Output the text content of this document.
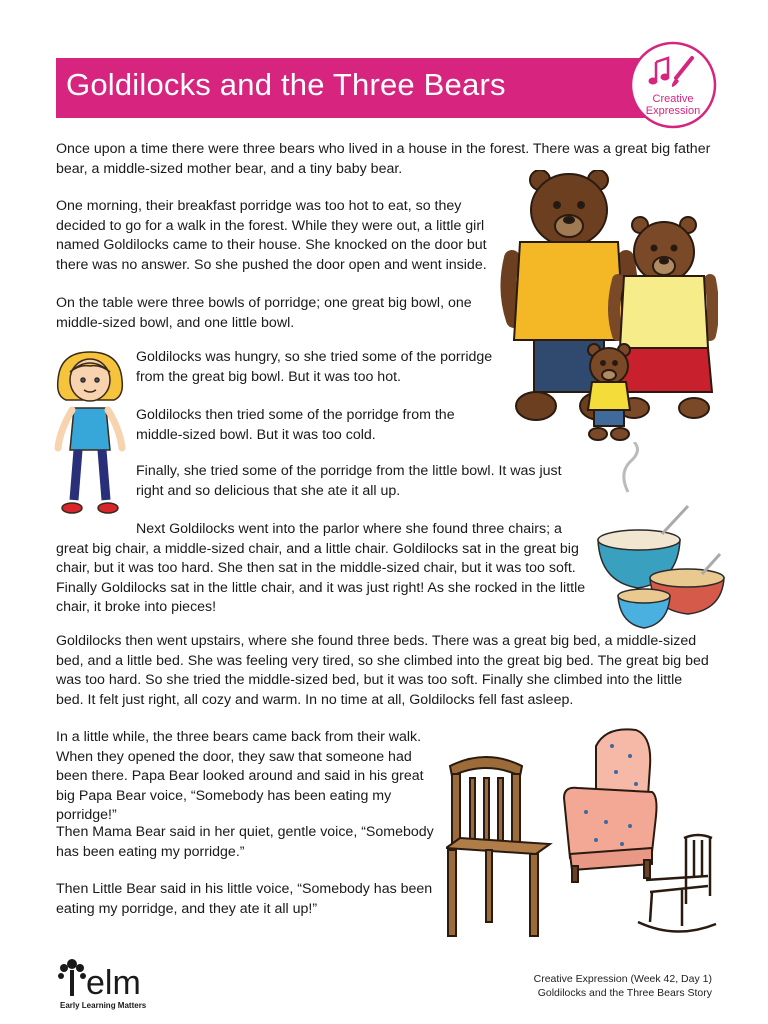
Goldilocks and the Three Bears	Creative
Expression

Once upon a time there were three bears who lived in a house in the forest. There was a great big father bear, a middle-sized mother bear, and a tiny baby bear.

One morning, their breakfast porridge was too hot to eat, so they decided to go for a walk in the forest. While they were out, a little girl named Goldilocks came to their house. She knocked on the door but there was no answer. So she pushed the door open and went inside.

On the table were three bowls of porridge; one great big bowl, one middle-sized bowl, and one little bowl.

Goldilocks was hungry, so she tried some of the porridge from the great big bowl. But it was too hot.

Goldilocks then tried some of the porridge from the middle-sized bowl. But it was too cold.

Finally, she tried some of the porridge from the little bowl. It was just right and so delicious that she ate it all up.

Next Goldilocks went into the parlor where she found three chairs; a great big chair, a middle-sized chair, and a little chair. Goldilocks sat in the great big chair, but it was too hard. She then sat in the middle-sized chair, but it was too soft. Finally Goldilocks sat in the little chair, and it was just right! As she rocked in the little chair, it broke into pieces!

Goldilocks then went upstairs, where she found three beds. There was a great big bed, a middle-sized bed, and a little bed. She was feeling very tired, so she climbed into the great big bed. The great big bed was too hard. So she tried the middle-sized bed, but it was too soft. Finally she climbed into the little bed. It felt just right, all cozy and warm. In no time at all, Goldilocks fell fast asleep.

In a little while, the three bears came back from their walk. When they opened the door, they saw that someone had been there. Papa Bear looked around and said in his great big Papa Bear voice, “Somebody has been eating my porridge!”

Then Mama Bear said in her quiet, gentle voice, “Somebody has been eating my porridge.”

Then Little Bear said in his little voice, “Somebody has been eating my porridge, and they ate it all up!”

elm
Early Learning Matters
Creative Expression (Week 42, Day 1)
Goldilocks and the Three Bears Story
